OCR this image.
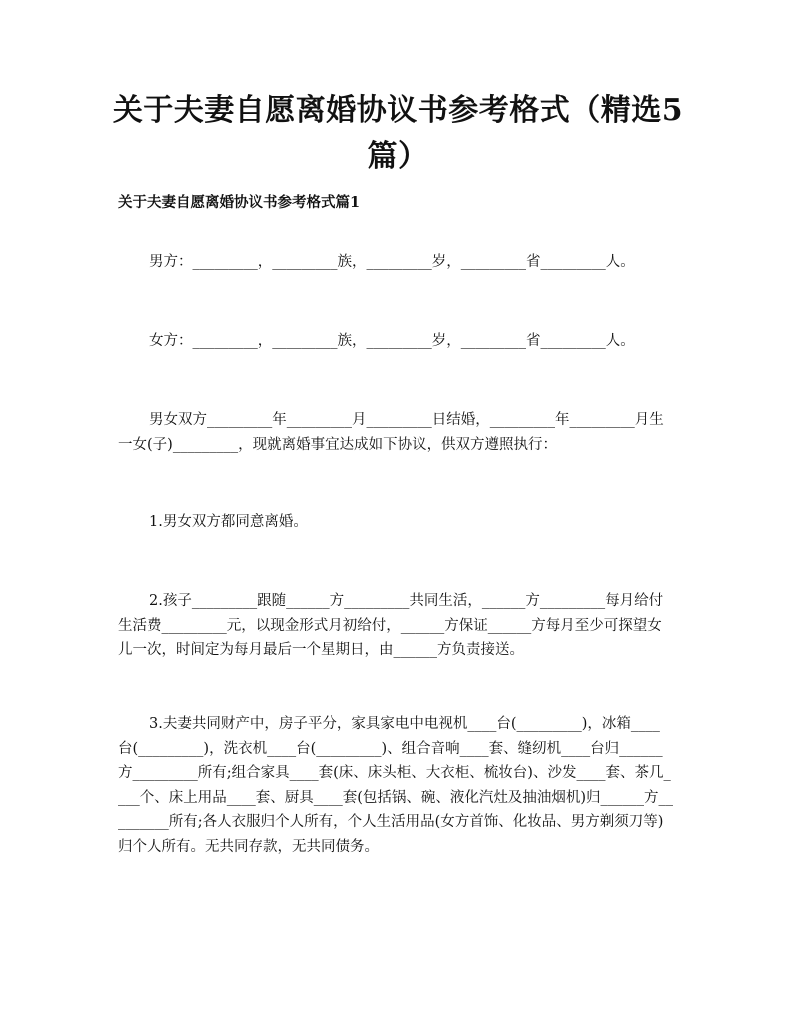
关于夫妻自愿离婚协议书参考格式（精选5篇）

关于夫妻自愿离婚协议书参考格式篇1

男方：_________，_________族，_________岁，_________省_________人。

女方：_________，_________族，_________岁，_________省_________人。

男女双方_________年_________月_________日结婚，_________年_________月生一女(子)_________，现就离婚事宜达成如下协议，供双方遵照执行：

1.男女双方都同意离婚。

2.孩子_________跟随______方_________共同生活，______方_________每月给付生活费_________元，以现金形式月初给付，______方保证______方每月至少可探望女儿一次，时间定为每月最后一个星期日，由______方负责接送。

3.夫妻共同财产中，房子平分，家具家电中电视机____台(_________)，冰箱____台(_________)，洗衣机____台(_________)、组合音响____套、缝纫机____台归______方_________所有;组合家具____套(床、床头柜、大衣柜、梳妆台)、沙发____套、茶几____个、床上用品____套、厨具____套(包括锅、碗、液化汽灶及抽油烟机)归______方_________所有;各人衣服归个人所有，个人生活用品(女方首饰、化妆品、男方剃须刀等)归个人所有。无共同存款，无共同债务。
